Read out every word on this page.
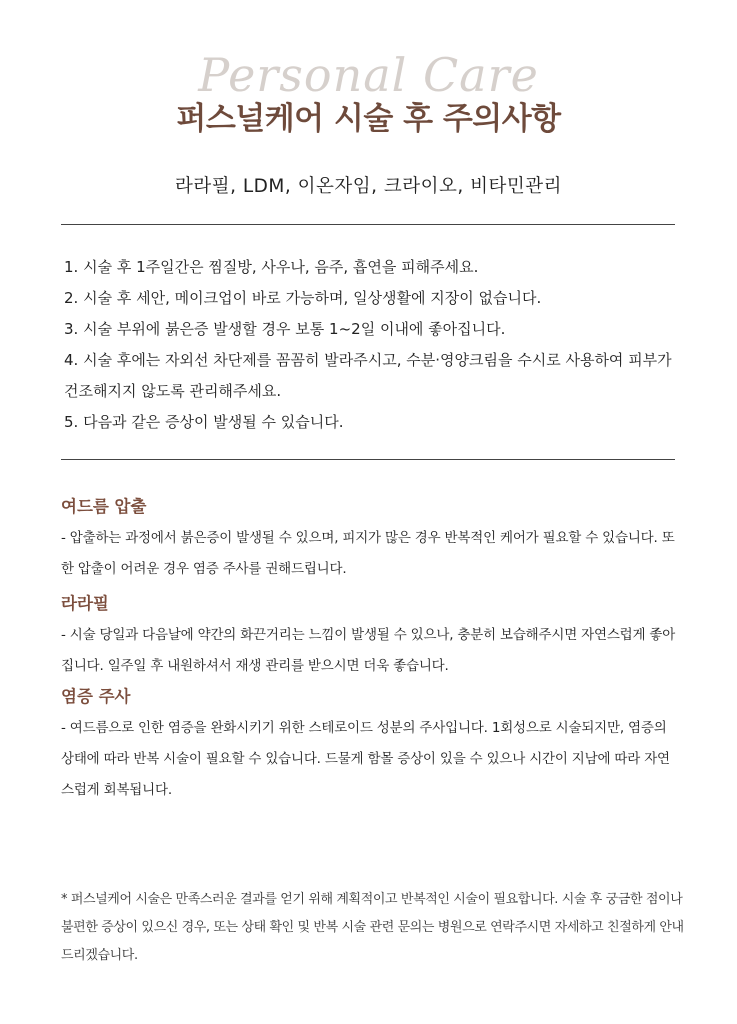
Personal Care
퍼스널케어 시술 후 주의사항
라라필, LDM, 이온자임, 크라이오, 비타민관리
1. 시술 후 1주일간은 찜질방, 사우나, 음주, 흡연을 피해주세요.
2. 시술 후 세안, 메이크업이 바로 가능하며, 일상생활에 지장이 없습니다.
3. 시술 부위에 붉은증 발생할 경우 보통 1~2일 이내에 좋아집니다.
4. 시술 후에는 자외선 차단제를 꼼꼼히 발라주시고, 수분·영양크림을 수시로 사용하여 피부가 건조해지지 않도록 관리해주세요.
5. 다음과 같은 증상이 발생될 수 있습니다.
여드름 압출
- 압출하는 과정에서 붉은증이 발생될 수 있으며, 피지가 많은 경우 반복적인 케어가 필요할 수 있습니다. 또한 압출이 어려운 경우 염증 주사를 권해드립니다.
라라필
- 시술 당일과 다음날에 약간의 화끈거리는 느낌이 발생될 수 있으나, 충분히 보습해주시면 자연스럽게 좋아집니다. 일주일 후 내원하셔서 재생 관리를 받으시면 더욱 좋습니다.
염증 주사
- 여드름으로 인한 염증을 완화시키기 위한 스테로이드 성분의 주사입니다. 1회성으로 시술되지만, 염증의 상태에 따라 반복 시술이 필요할 수 있습니다. 드물게 함몰 증상이 있을 수 있으나 시간이 지남에 따라 자연스럽게 회복됩니다.
* 퍼스널케어 시술은 만족스러운 결과를 얻기 위해 계획적이고 반복적인 시술이 필요합니다. 시술 후 궁금한 점이나 불편한 증상이 있으신 경우, 또는 상태 확인 및 반복 시술 관련 문의는 병원으로 연락주시면 자세하고 친절하게 안내드리겠습니다.
